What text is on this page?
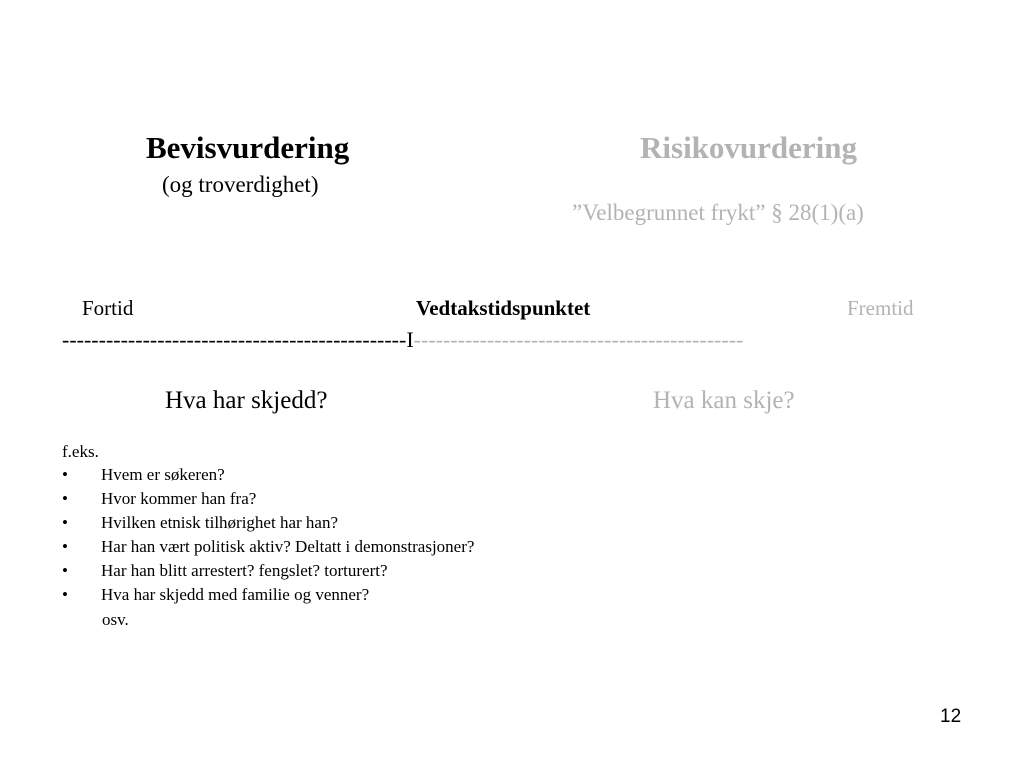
Bevisvurdering
(og troverdighet)
Risikovurdering
”Velbegrunnet frykt” § 28(1)(a)
Fortid	Vedtakstidspunktet	Fremtid
-----------------------------------------------I---------------------------------------------
Hva har skjedd?	Hva kan skje?
f.eks.
• Hvem er søkeren?
• Hvor kommer han fra?
• Hvilken etnisk tilhørighet har han?
• Har han vært politisk aktiv? Deltatt i demonstrasjoner?
• Har han blitt arrestert? fengslet? torturert?
• Hva har skjedd med familie og venner?
osv.
12
